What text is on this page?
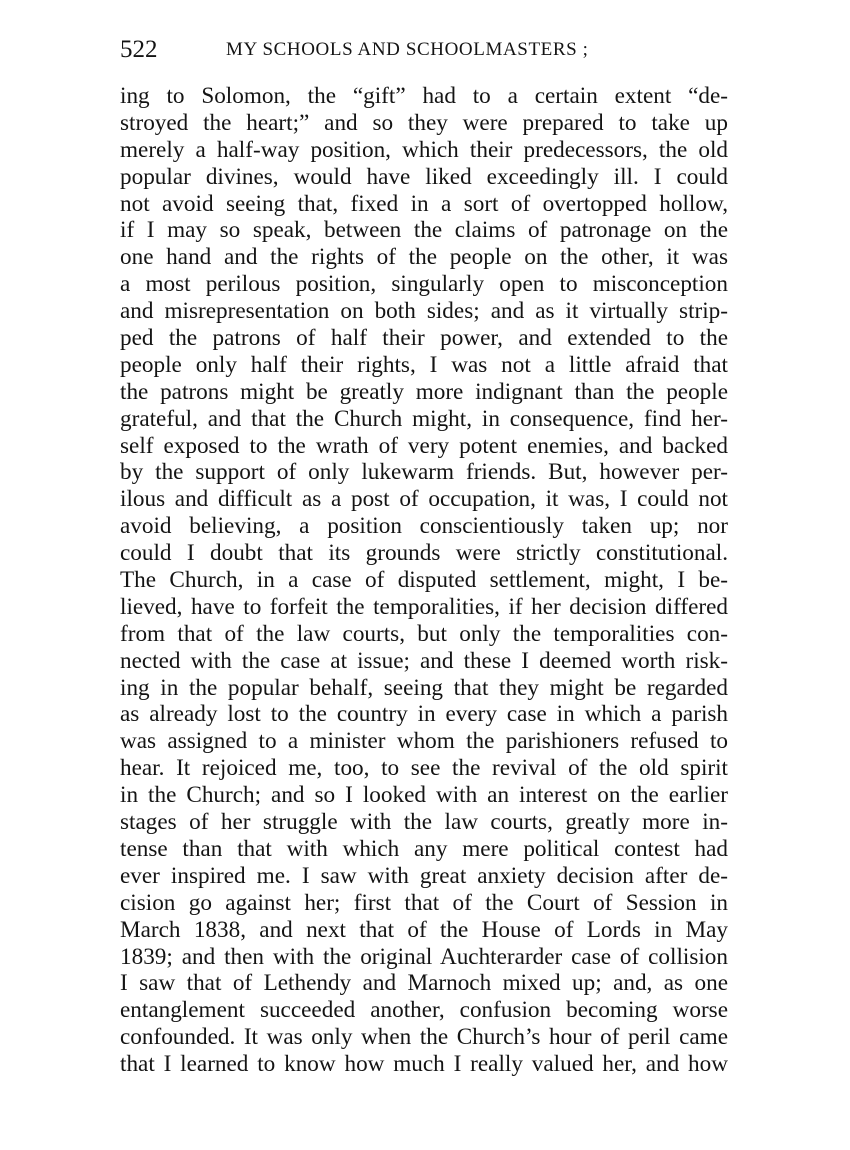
522	MY SCHOOLS AND SCHOOLMASTERS ;
ing to Solomon, the “gift” had to a certain extent “de-
stroyed the heart;” and so they were prepared to take up
merely a half-way position, which their predecessors, the old
popular divines, would have liked exceedingly ill. I could
not avoid seeing that, fixed in a sort of overtopped hollow,
if I may so speak, between the claims of patronage on the
one hand and the rights of the people on the other, it was
a most perilous position, singularly open to misconception
and misrepresentation on both sides; and as it virtually strip-
ped the patrons of half their power, and extended to the
people only half their rights, I was not a little afraid that
the patrons might be greatly more indignant than the people
grateful, and that the Church might, in consequence, find her-
self exposed to the wrath of very potent enemies, and backed
by the support of only lukewarm friends. But, however per-
ilous and difficult as a post of occupation, it was, I could not
avoid believing, a position conscientiously taken up; nor
could I doubt that its grounds were strictly constitutional.
The Church, in a case of disputed settlement, might, I be-
lieved, have to forfeit the temporalities, if her decision differed
from that of the law courts, but only the temporalities con-
nected with the case at issue; and these I deemed worth risk-
ing in the popular behalf, seeing that they might be regarded
as already lost to the country in every case in which a parish
was assigned to a minister whom the parishioners refused to
hear. It rejoiced me, too, to see the revival of the old spirit
in the Church; and so I looked with an interest on the earlier
stages of her struggle with the law courts, greatly more in-
tense than that with which any mere political contest had
ever inspired me. I saw with great anxiety decision after de-
cision go against her; first that of the Court of Session in
March 1838, and next that of the House of Lords in May
1839; and then with the original Auchterarder case of collision
I saw that of Lethendy and Marnoch mixed up; and, as one
entanglement succeeded another, confusion becoming worse
confounded. It was only when the Church’s hour of peril came
that I learned to know how much I really valued her, and how
